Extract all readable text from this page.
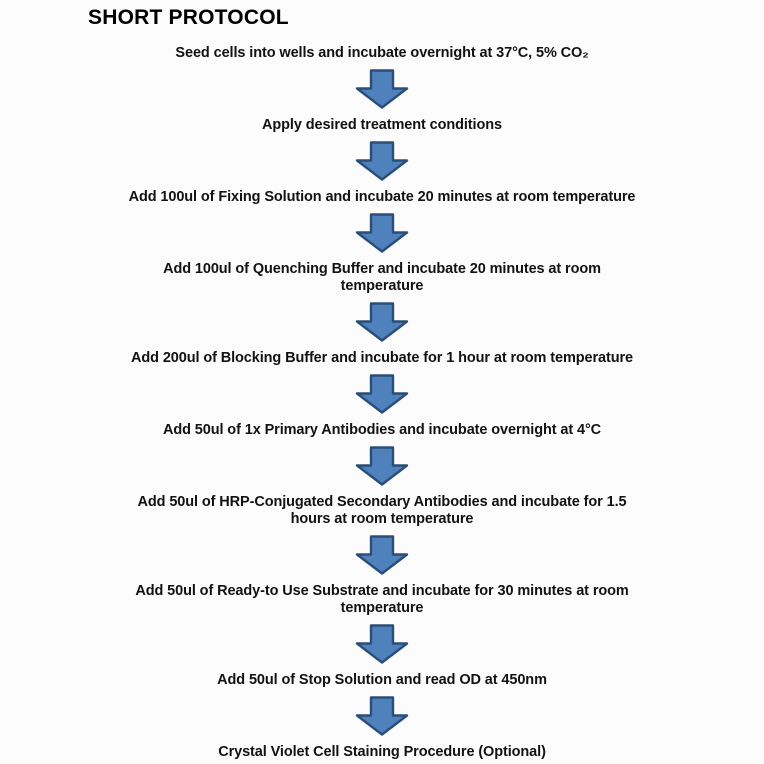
SHORT PROTOCOL
Seed cells into wells and incubate overnight at 37°C, 5% CO₂
Apply desired treatment conditions
Add 100ul of Fixing Solution and incubate 20 minutes at room temperature
Add 100ul of Quenching Buffer and incubate 20 minutes at room
temperature
Add 200ul of Blocking Buffer and incubate for 1 hour at room temperature
Add 50ul of 1x Primary Antibodies and incubate overnight at 4°C
Add 50ul of HRP-Conjugated Secondary Antibodies and incubate for 1.5
hours at room temperature
Add 50ul of Ready-to Use Substrate and incubate for 30 minutes at room
temperature
Add 50ul of Stop Solution and read OD at 450nm
Crystal Violet Cell Staining Procedure (Optional)
